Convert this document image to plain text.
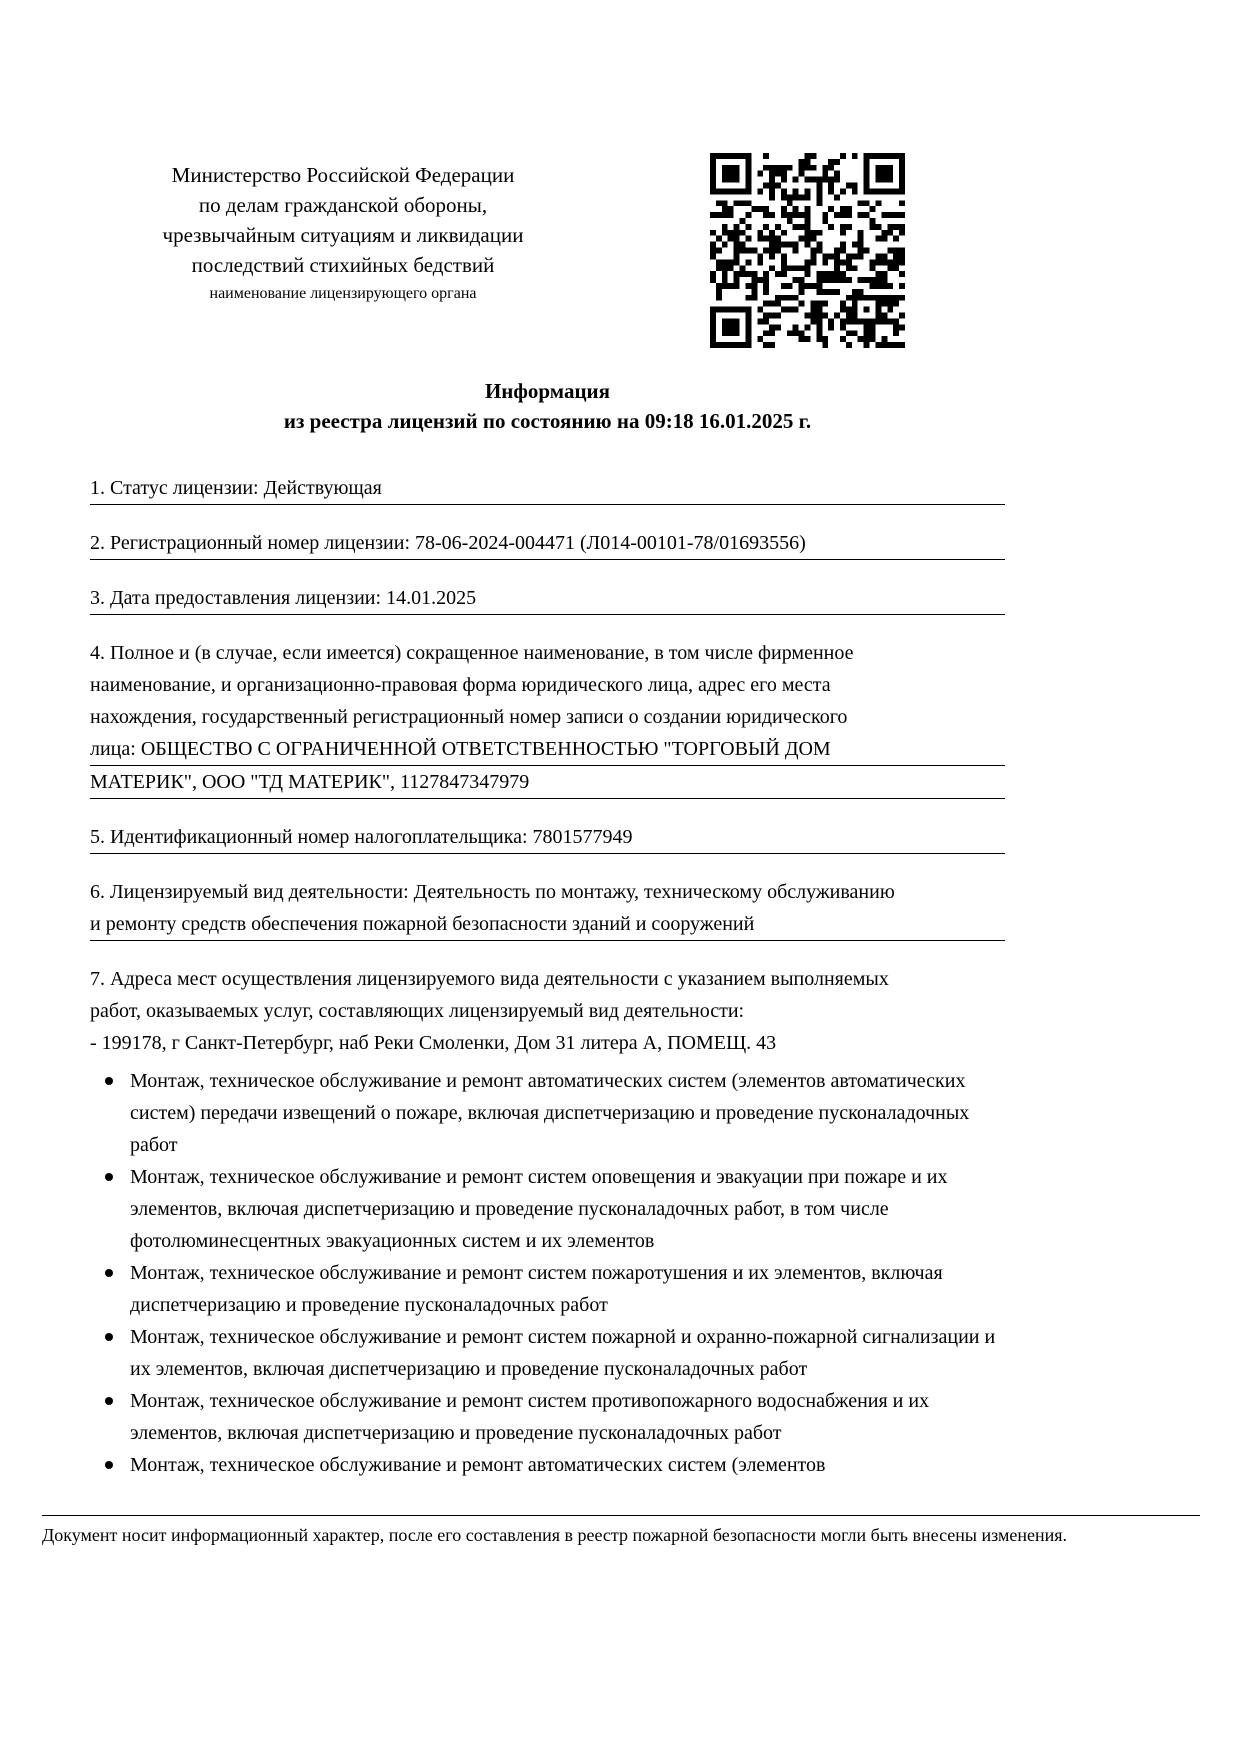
Министерство Российской Федерации
по делам гражданской обороны,
чрезвычайным ситуациям и ликвидации
последствий стихийных бедствий
наименование лицензирующего органа
Информация
из реестра лицензий по состоянию на 09:18 16.01.2025 г.
1. Статус лицензии: Действующая
2. Регистрационный номер лицензии: 78-06-2024-004471 (Л014-00101-78/01693556)
3. Дата предоставления лицензии: 14.01.2025
4. Полное и (в случае, если имеется) сокращенное наименование, в том числе фирменное
наименование, и организационно-правовая форма юридического лица, адрес его места
нахождения, государственный регистрационный номер записи о создании юридического
лица: ОБЩЕСТВО С ОГРАНИЧЕННОЙ ОТВЕТСТВЕННОСТЬЮ "ТОРГОВЫЙ ДОМ
МАТЕРИК", ООО "ТД МАТЕРИК", 1127847347979
5. Идентификационный номер налогоплательщика: 7801577949
6. Лицензируемый вид деятельности: Деятельность по монтажу, техническому обслуживанию
и ремонту средств обеспечения пожарной безопасности зданий и сооружений
7. Адреса мест осуществления лицензируемого вида деятельности с указанием выполняемых
работ, оказываемых услуг, составляющих лицензируемый вид деятельности:
- 199178, г Санкт-Петербург, наб Реки Смоленки, Дом 31 литера А, ПОМЕЩ. 43
Монтаж, техническое обслуживание и ремонт автоматических систем (элементов автоматических систем) передачи извещений о пожаре, включая диспетчеризацию и проведение пусконаладочных работ
Монтаж, техническое обслуживание и ремонт систем оповещения и эвакуации при пожаре и их элементов, включая диспетчеризацию и проведение пусконаладочных работ, в том числе фотолюминесцентных эвакуационных систем и их элементов
Монтаж, техническое обслуживание и ремонт систем пожаротушения и их элементов, включая диспетчеризацию и проведение пусконаладочных работ
Монтаж, техническое обслуживание и ремонт систем пожарной и охранно-пожарной сигнализации и их элементов, включая диспетчеризацию и проведение пусконаладочных работ
Монтаж, техническое обслуживание и ремонт систем противопожарного водоснабжения и их элементов, включая диспетчеризацию и проведение пусконаладочных работ
Монтаж, техническое обслуживание и ремонт автоматических систем (элементов
Документ носит информационный характер, после его составления в реестр пожарной безопасности могли быть внесены изменения.
